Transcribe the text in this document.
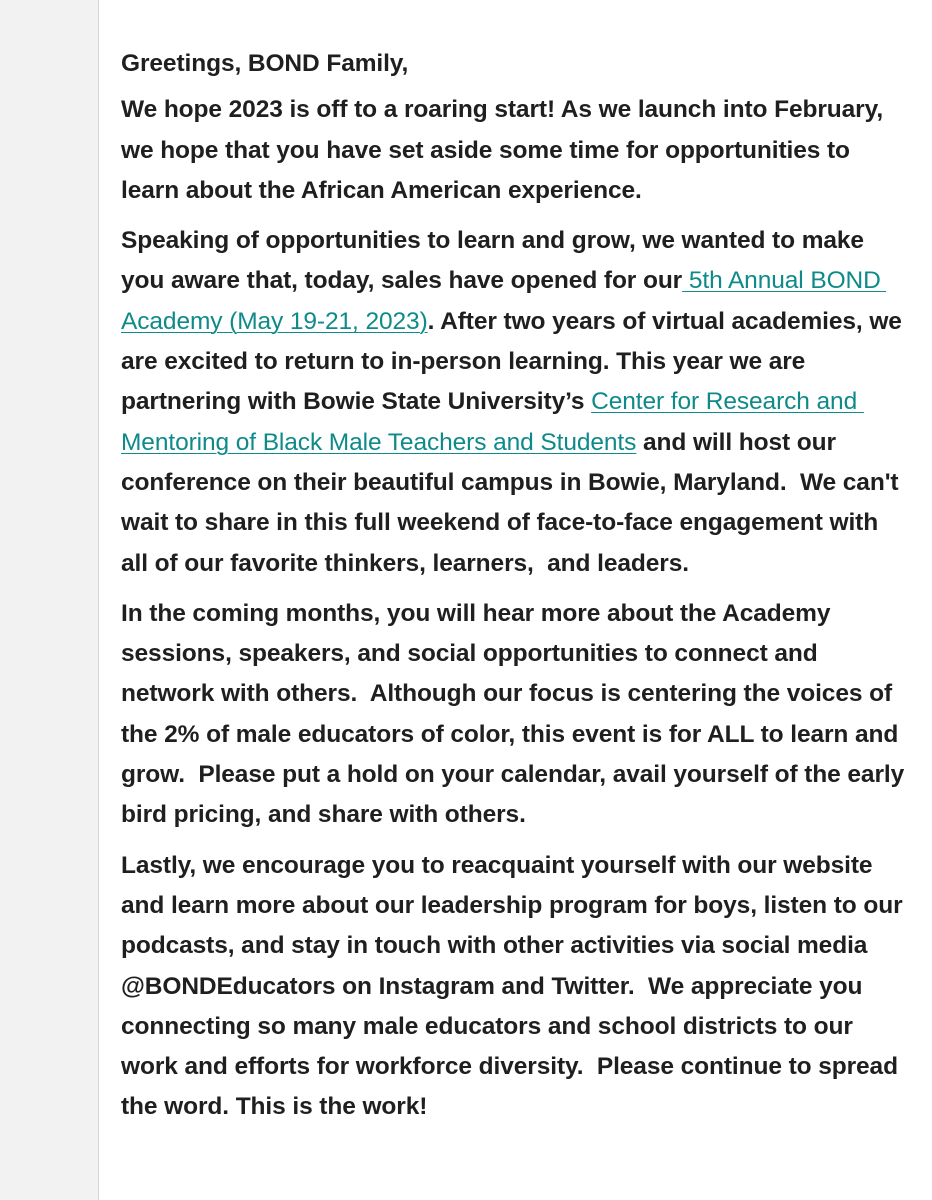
Greetings, BOND Family,

We hope 2023 is off to a roaring start! As we launch into February, we hope that you have set aside some time for opportunities to learn about the African American experience.

Speaking of opportunities to learn and grow, we wanted to make you aware that, today, sales have opened for our 5th Annual BOND Academy (May 19-21, 2023). After two years of virtual academies, we are excited to return to in-person learning. This year we are partnering with Bowie State University’s Center for Research and Mentoring of Black Male Teachers and Students and will host our conference on their beautiful campus in Bowie, Maryland.  We can't wait to share in this full weekend of face-to-face engagement with all of our favorite thinkers, learners,  and leaders.

In the coming months, you will hear more about the Academy sessions, speakers, and social opportunities to connect and network with others.  Although our focus is centering the voices of the 2% of male educators of color, this event is for ALL to learn and grow.  Please put a hold on your calendar, avail yourself of the early bird pricing, and share with others.

Lastly, we encourage you to reacquaint yourself with our website and learn more about our leadership program for boys, listen to our podcasts, and stay in touch with other activities via social media @BONDEducators on Instagram and Twitter.  We appreciate you connecting so many male educators and school districts to our work and efforts for workforce diversity.  Please continue to spread the word. This is the work!
